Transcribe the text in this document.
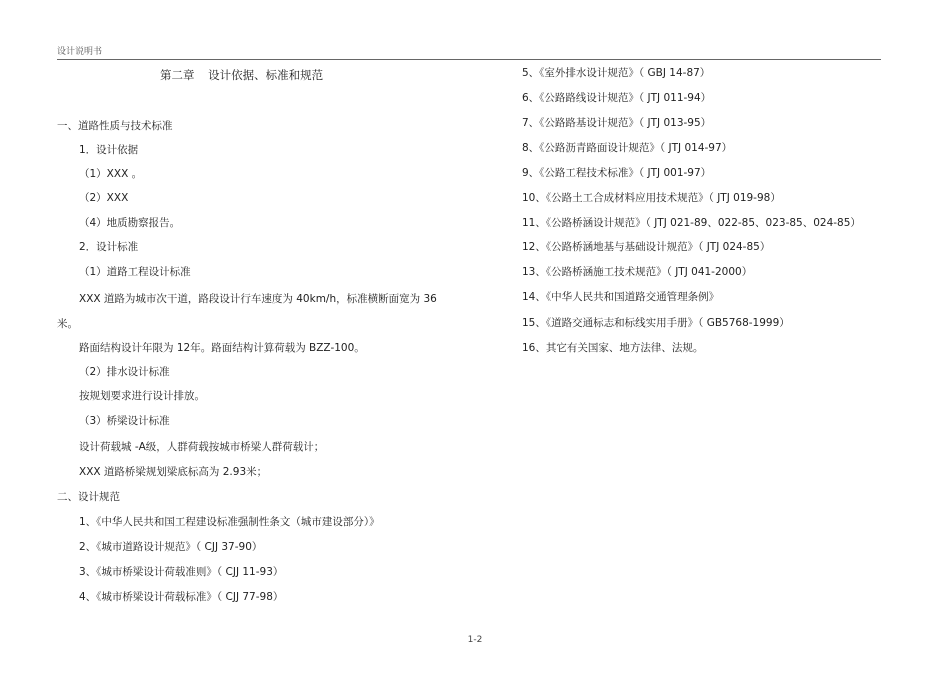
设计说明书
第二章 设计依据、标准和规范
一、道路性质与技术标准
1．设计依据
（1）XXX 。
（2）XXX
（4）地质勘察报告。
2．设计标准
（1）道路工程设计标准
XXX 道路为城市次干道，路段设计行车速度为 40km/h，标准横断面宽为 36
米。
路面结构设计年限为 12年。路面结构计算荷载为 BZZ-100。
（2）排水设计标准
按规划要求进行设计排放。
（3）桥梁设计标准
设计荷载城 -A级，人群荷载按城市桥梁人群荷载计；
XXX 道路桥梁规划梁底标高为 2.93米；
二、设计规范
1、《中华人民共和国工程建设标准强制性条文（城市建设部分）》
2、《城市道路设计规范》（ CJJ 37-90）
3、《城市桥梁设计荷载准则》（ CJJ 11-93）
4、《城市桥梁设计荷载标准》（ CJJ 77-98）
5、《室外排水设计规范》（ GBJ 14-87）
6、《公路路线设计规范》（ JTJ 011-94）
7、《公路路基设计规范》（ JTJ 013-95）
8、《公路沥青路面设计规范》（ JTJ 014-97）
9、《公路工程技术标准》（ JTJ 001-97）
10、《公路土工合成材料应用技术规范》（ JTJ 019-98）
11、《公路桥涵设计规范》（ JTJ 021-89、022-85、023-85、024-85）
12、《公路桥涵地基与基础设计规范》（ JTJ 024-85）
13、《公路桥涵施工技术规范》（ JTJ 041-2000）
14、《中华人民共和国道路交通管理条例》
15、《道路交通标志和标线实用手册》（ GB5768-1999）
16、其它有关国家、地方法律、法规。
1-2
